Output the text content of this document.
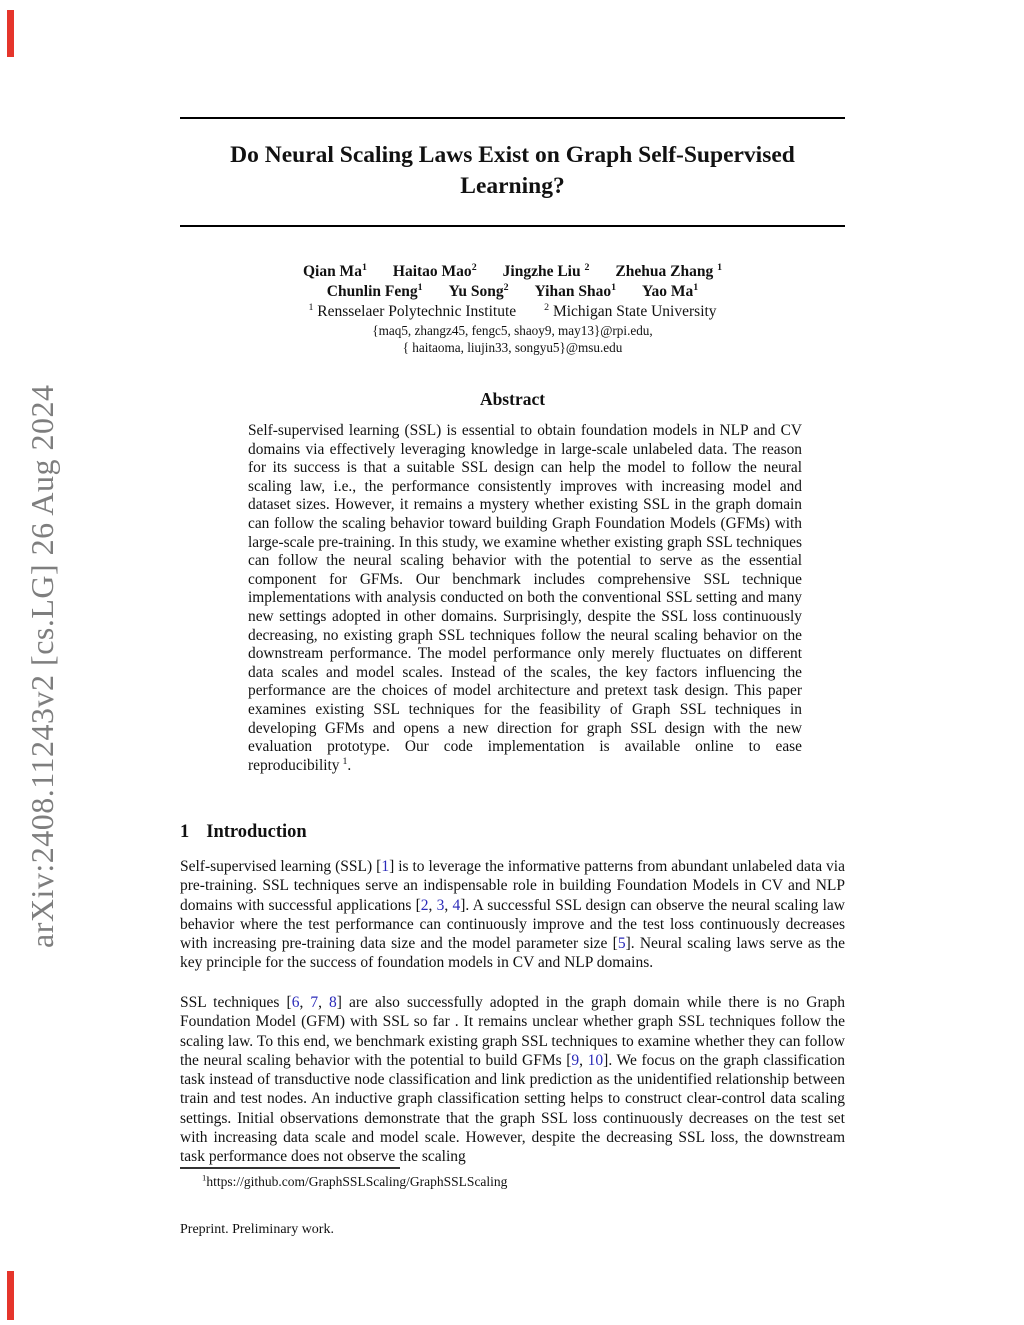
arXiv:2408.11243v2 [cs.LG] 26 Aug 2024
Do Neural Scaling Laws Exist on Graph Self-Supervised Learning?
Qian Ma$^1$ Haitao Mao$^2$ Jingzhe Liu $^2$ Zhehua Zhang $^1$
Chunlin Feng$^1$ Yu Song$^2$ Yihan Shao$^1$ Yao Ma$^1$
$^1$ Rensselaer Polytechnic Institute	$^2$ Michigan State University
{maq5, zhangz45, fengc5, shaoy9, may13}@rpi.edu,
{ haitaoma, liujin33, songyu5}@msu.edu
Abstract

Self-supervised learning (SSL) is essential to obtain foundation models in NLP and CV domains via effectively leveraging knowledge in large-scale unlabeled data. The reason for its success is that a suitable SSL design can help the model to follow the neural scaling law, i.e., the performance consistently improves with increasing model and dataset sizes. However, it remains a mystery whether existing SSL in the graph domain can follow the scaling behavior toward building Graph Foundation Models (GFMs) with large-scale pre-training. In this study, we examine whether existing graph SSL techniques can follow the neural scaling behavior with the potential to serve as the essential component for GFMs. Our benchmark includes comprehensive SSL technique implementations with analysis conducted on both the conventional SSL setting and many new settings adopted in other domains. Surprisingly, despite the SSL loss continuously decreasing, no existing graph SSL techniques follow the neural scaling behavior on the downstream performance. The model performance only merely fluctuates on different data scales and model scales. Instead of the scales, the key factors influencing the performance are the choices of model architecture and pretext task design. This paper examines existing SSL techniques for the feasibility of Graph SSL techniques in developing GFMs and opens a new direction for graph SSL design with the new evaluation prototype. Our code implementation is available online to ease reproducibility $^1$.

1 Introduction

Self-supervised learning (SSL) [1] is to leverage the informative patterns from abundant unlabeled data via pre-training. SSL techniques serve an indispensable role in building Foundation Models in CV and NLP domains with successful applications [2, 3, 4]. A successful SSL design can observe the neural scaling law behavior where the test performance can continuously improve and the test loss continuously decreases with increasing pre-training data size and the model parameter size [5]. Neural scaling laws serve as the key principle for the success of foundation models in CV and NLP domains.

SSL techniques [6, 7, 8] are also successfully adopted in the graph domain while there is no Graph Foundation Model (GFM) with SSL so far . It remains unclear whether graph SSL techniques follow the scaling law. To this end, we benchmark existing graph SSL techniques to examine whether they can follow the neural scaling behavior with the potential to build GFMs [9, 10]. We focus on the graph classification task instead of transductive node classification and link prediction as the unidentified relationship between train and test nodes. An inductive graph classification setting helps to construct clear-control data scaling settings. Initial observations demonstrate that the graph SSL loss continuously decreases on the test set with increasing data scale and model scale. However, despite the decreasing SSL loss, the downstream task performance does not observe the scaling

$^1$https://github.com/GraphSSLScaling/GraphSSLScaling
Preprint. Preliminary work.
